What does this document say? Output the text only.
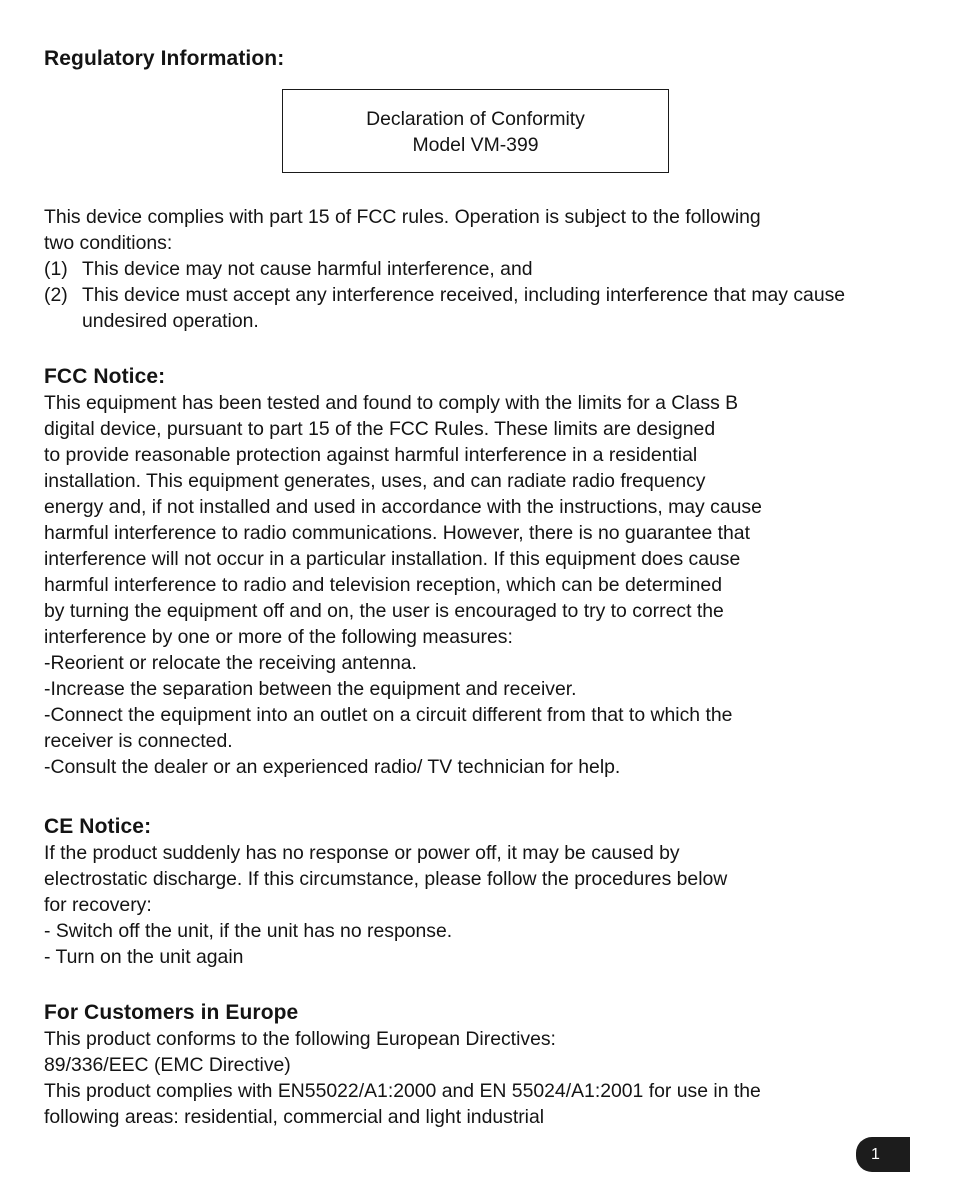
Regulatory Information:
Declaration of Conformity
Model VM-399

This device complies with part 15 of FCC rules. Operation is subject to the following

two conditions:

(1) This device may not cause harmful interference, and
(2) This device must accept any interference received, including interference that may cause undesired operation.
FCC Notice:

This equipment has been tested and found to comply with the limits for a Class B

digital device, pursuant to part 15 of the FCC Rules. These limits are designed

to provide reasonable protection against harmful interference in a residential

installation. This equipment generates, uses, and can radiate radio frequency

energy and, if not installed and used in accordance with the instructions, may cause

harmful interference to radio communications. However, there is no guarantee that

interference will not occur in a particular installation. If this equipment does cause

harmful interference to radio and television reception, which can be determined

by turning the equipment off and on, the user is encouraged to try to correct the

interference by one or more of the following measures:

-Reorient or relocate the receiving antenna.

-Increase the separation between the equipment and receiver.

-Connect the equipment into an outlet on a circuit different from that to which the

receiver is connected.

-Consult the dealer or an experienced radio/ TV technician for help.

CE Notice:

If the product suddenly has no response or power off, it may be caused by

electrostatic discharge. If this circumstance, please follow the procedures below

for recovery:

- Switch off the unit, if the unit has no response.

- Turn on the unit again

For Customers in Europe

This product conforms to the following European Directives:

89/336/EEC (EMC Directive)

This product complies with EN55022/A1:2000 and EN 55024/A1:2001 for use in the

following areas: residential, commercial and light industrial

1
